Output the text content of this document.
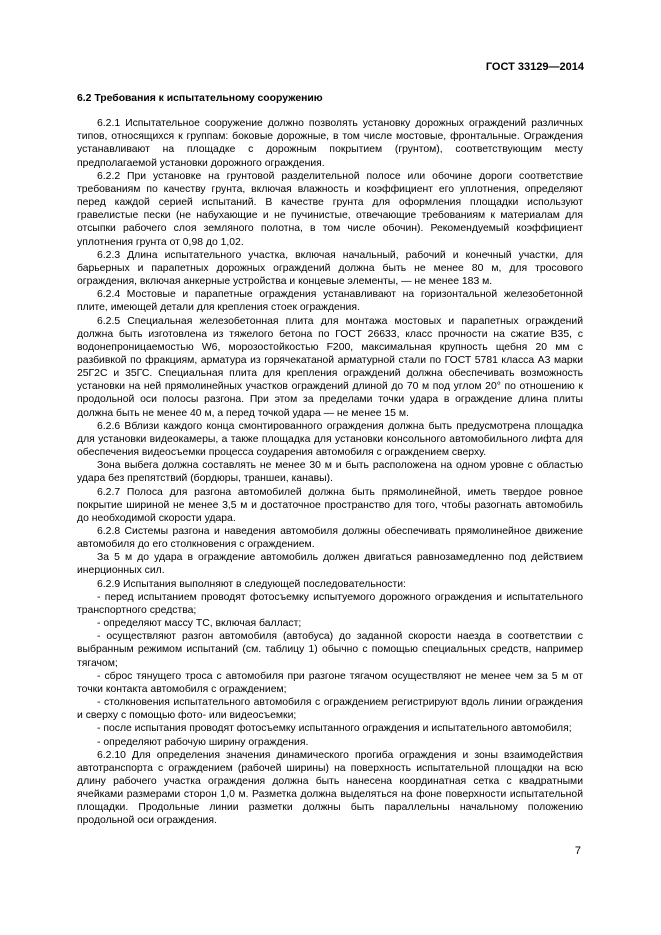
ГОСТ 33129—2014
6.2 Требования к испытательному сооружению

6.2.1 Испытательное сооружение должно позволять установку дорожных ограждений различных типов, относящихся к группам: боковые дорожные, в том числе мостовые, фронтальные. Ограждения устанавливают на площадке с дорожным покрытием (грунтом), соответствующим месту предполагаемой установки дорожного ограждения.

6.2.2 При установке на грунтовой разделительной полосе или обочине дороги соответствие требованиям по качеству грунта, включая влажность и коэффициент его уплотнения, определяют перед каждой серией испытаний. В качестве грунта для оформления площадки используют гравелистые пески (не набухающие и не пучинистые, отвечающие требованиям к материалам для отсыпки рабочего слоя земляного полотна, в том числе обочин). Рекомендуемый коэффициент уплотнения грунта от 0,98 до 1,02.

6.2.3 Длина испытательного участка, включая начальный, рабочий и конечный участки, для барьерных и парапетных дорожных ограждений должна быть не менее 80 м, для тросового ограждения, включая анкерные устройства и концевые элементы, — не менее 183 м.

6.2.4 Мостовые и парапетные ограждения устанавливают на горизонтальной железобетонной плите, имеющей детали для крепления стоек ограждения.

6.2.5 Специальная железобетонная плита для монтажа мостовых и парапетных ограждений должна быть изготовлена из тяжелого бетона по ГОСТ 26633, класс прочности на сжатие В35, с водонепроницаемостью W6, морозостойкостью F200, максимальная крупность щебня 20 мм с разбивкой по фракциям, арматура из горячекатаной арматурной стали по ГОСТ 5781 класса А3 марки 25Г2С и 35ГС. Специальная плита для крепления ограждений должна обеспечивать возможность установки на ней прямолинейных участков ограждений длиной до 70 м под углом 20° по отношению к продольной оси полосы разгона. При этом за пределами точки удара в ограждение длина плиты должна быть не менее 40 м, а перед точкой удара — не менее 15 м.

6.2.6 Вблизи каждого конца смонтированного ограждения должна быть предусмотрена площадка для установки видеокамеры, а также площадка для установки консольного автомобильного лифта для обеспечения видеосъемки процесса соударения автомобиля с ограждением сверху.

Зона выбега должна составлять не менее 30 м и быть расположена на одном уровне с областью удара без препятствий (бордюры, траншеи, канавы).

6.2.7 Полоса для разгона автомобилей должна быть прямолинейной, иметь твердое ровное покрытие шириной не менее 3,5 м и достаточное пространство для того, чтобы разогнать автомобиль до необходимой скорости удара.

6.2.8 Системы разгона и наведения автомобиля должны обеспечивать прямолинейное движение автомобиля до его столкновения с ограждением.

За 5 м до удара в ограждение автомобиль должен двигаться равнозамедленно под действием инерционных сил.

6.2.9 Испытания выполняют в следующей последовательности:

- перед испытанием проводят фотосъемку испытуемого дорожного ограждения и испытательного транспортного средства;

- определяют массу ТС, включая балласт;

- осуществляют разгон автомобиля (автобуса) до заданной скорости наезда в соответствии с выбранным режимом испытаний (см. таблицу 1) обычно с помощью специальных средств, например тягачом;

- сброс тянущего троса с автомобиля при разгоне тягачом осуществляют не менее чем за 5 м от точки контакта автомобиля с ограждением;

- столкновения испытательного автомобиля с ограждением регистрируют вдоль линии ограждения и сверху с помощью фото- или видеосъемки;

- после испытания проводят фотосъемку испытанного ограждения и испытательного автомобиля;

- определяют рабочую ширину ограждения.

6.2.10 Для определения значения динамического прогиба ограждения и зоны взаимодействия автотранспорта с ограждением (рабочей ширины) на поверхность испытательной площадки на всю длину рабочего участка ограждения должна быть нанесена координатная сетка с квадратными ячейками размерами сторон 1,0 м. Разметка должна выделяться на фоне поверхности испытательной площадки. Продольные линии разметки должны быть параллельны начальному положению продольной оси ограждения.

7
